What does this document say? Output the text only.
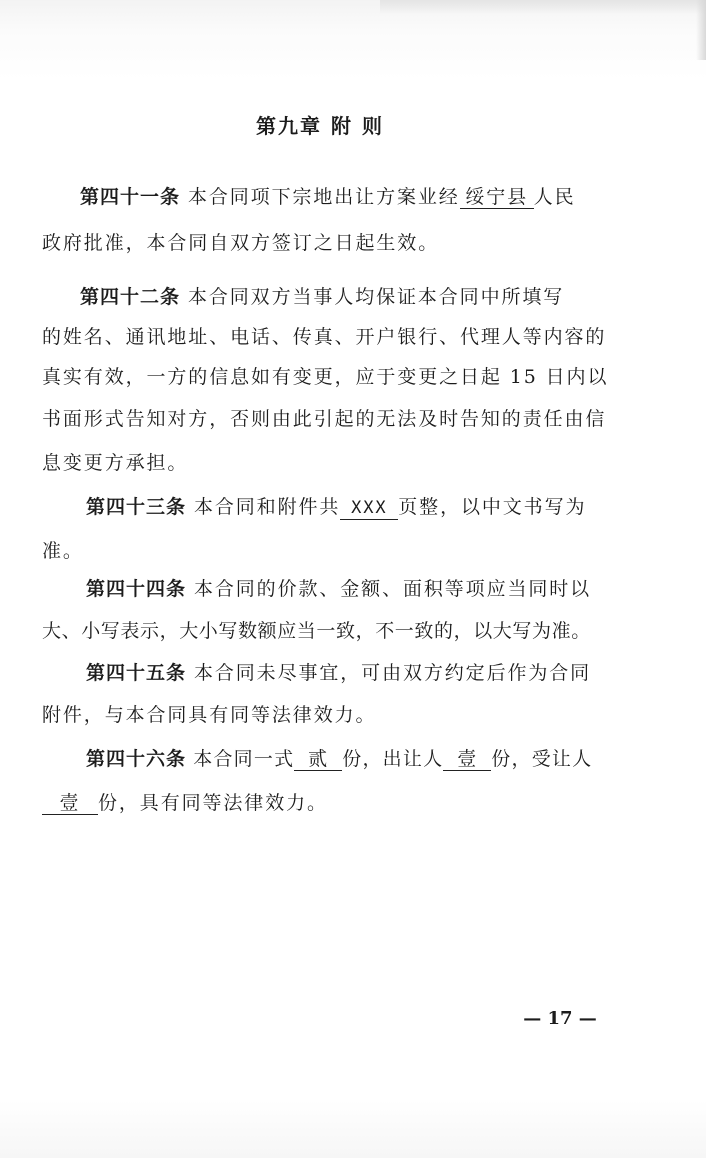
第九章 附 则
第四十一条 本合同项下宗地出让方案业经 绥宁县 人民
政府批准，本合同自双方签订之日起生效。
第四十二条 本合同双方当事人均保证本合同中所填写
的姓名、通讯地址、电话、传真、开户银行、代理人等内容的
真实有效，一方的信息如有变更，应于变更之日起 15 日内以
书面形式告知对方，否则由此引起的无法及时告知的责任由信
息变更方承担。
第四十三条 本合同和附件共 XXX 页整，以中文书写为
准。
第四十四条 本合同的价款、金额、面积等项应当同时以
大、小写表示，大小写数额应当一致，不一致的，以大写为准。
第四十五条 本合同未尽事宜，可由双方约定后作为合同
附件，与本合同具有同等法律效力。
第四十六条 本合同一式 贰 份，出让人 壹 份，受让人
壹 份，具有同等法律效力。
— 17 —
